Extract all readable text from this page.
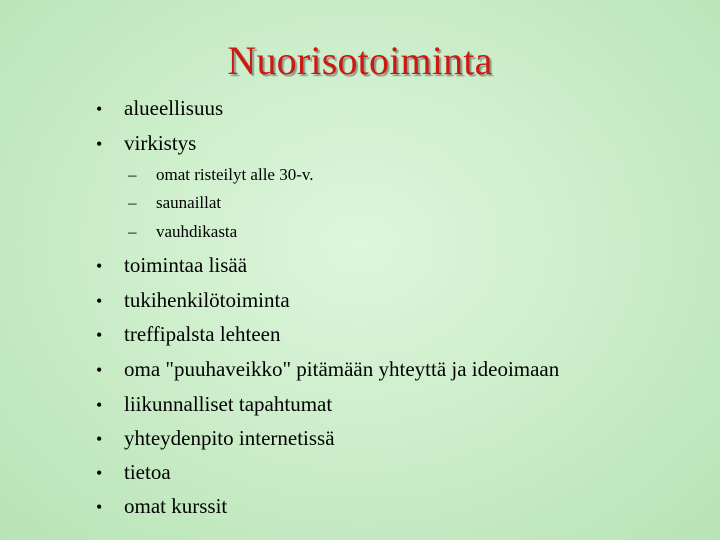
Nuorisotoiminta
• alueellisuus
• virkistys
– omat risteilyt alle 30-v.
– saunaillat
– vauhdikasta
• toimintaa lisää
• tukihenkilötoiminta
• treffipalsta lehteen
• oma "puuhaveikko" pitämään yhteyttä ja ideoimaan
• liikunnalliset tapahtumat
• yhteydenpito internetissä
• tietoa
• omat kurssit
